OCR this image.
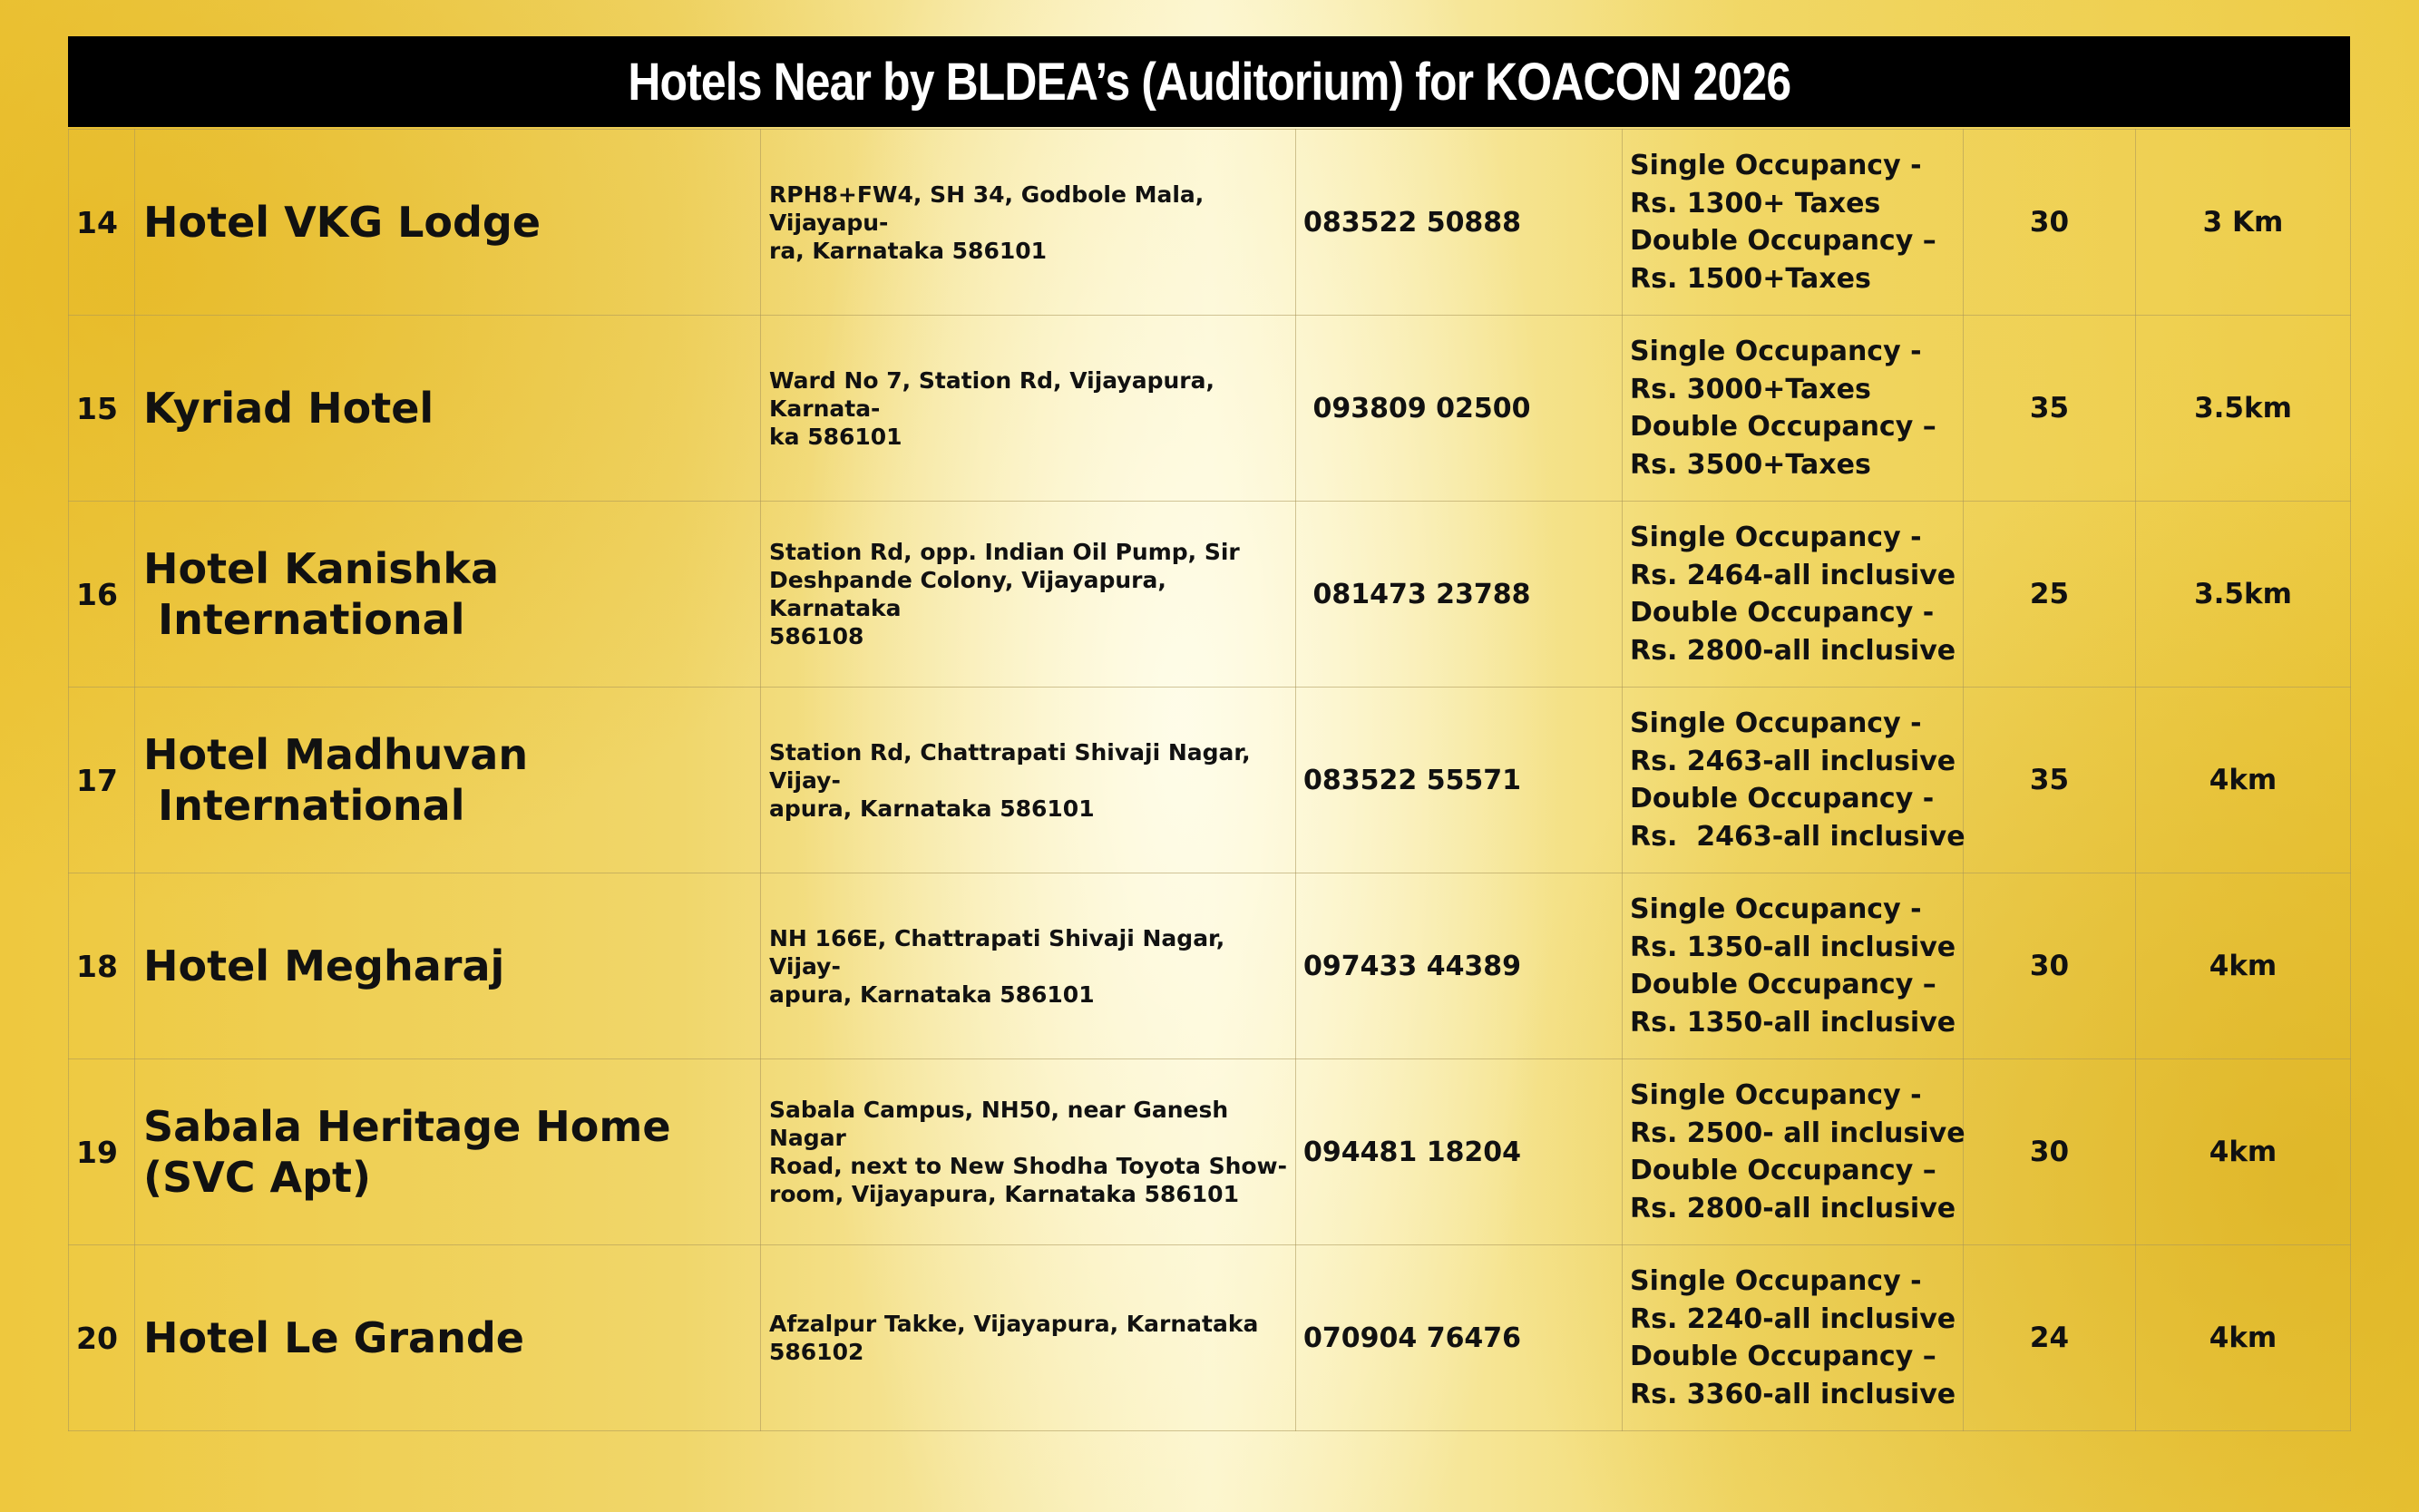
Hotels Near by BLDEA’s (Auditorium) for KOACON 2026
14	Hotel VKG Lodge	RPH8+FW4, SH 34, Godbole Mala, Vijayapu-
ra, Karnataka 586101	083522 50888	Single Occupancy -
Rs. 1300+ Taxes
Double Occupancy –
Rs. 1500+Taxes	30	3 Km
15	Kyriad Hotel	Ward No 7, Station Rd, Vijayapura, Karnata-
ka 586101	093809 02500	Single Occupancy -
Rs. 3000+Taxes
Double Occupancy –
Rs. 3500+Taxes	35	3.5km
16	Hotel Kanishka
International	Station Rd, opp. Indian Oil Pump, Sir
Deshpande Colony, Vijayapura, Karnataka
586108	081473 23788	Single Occupancy -
Rs. 2464-all inclusive
Double Occupancy -
Rs. 2800-all inclusive	25	3.5km
17	Hotel Madhuvan
International	Station Rd, Chattrapati Shivaji Nagar, Vijay-
apura, Karnataka 586101	083522 55571	Single Occupancy -
Rs. 2463-all inclusive
Double Occupancy -
Rs.  2463-all inclusive	35	4km
18	Hotel Megharaj	NH 166E, Chattrapati Shivaji Nagar, Vijay-
apura, Karnataka 586101	097433 44389	Single Occupancy -
Rs. 1350-all inclusive
Double Occupancy –
Rs. 1350-all inclusive	30	4km
19	Sabala Heritage Home
(SVC Apt)	Sabala Campus, NH50, near Ganesh Nagar
Road, next to New Shodha Toyota Show-
room, Vijayapura, Karnataka 586101	094481 18204	Single Occupancy -
Rs. 2500- all inclusive
Double Occupancy –
Rs. 2800-all inclusive	30	4km
20	Hotel Le Grande	Afzalpur Takke, Vijayapura, Karnataka
586102	070904 76476	Single Occupancy -
Rs. 2240-all inclusive
Double Occupancy –
Rs. 3360-all inclusive	24	4km
